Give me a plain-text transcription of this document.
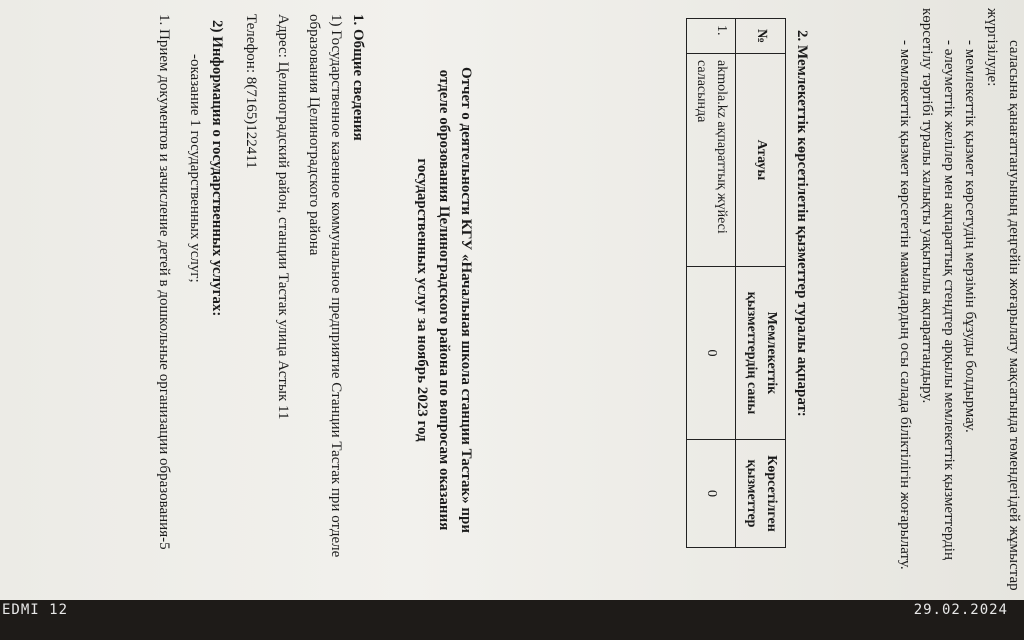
EDMI 12	29.02.2024

саласына қанағаттануының деңгейін жоғарылату мақсатында төмендегідей жұмыстар жүргізілуде:

- мемлекеттік қызмет көрсетудің мерзімін бұзуды болдырмау.

- әлеуметтік желілер мен ақпараттық стендтер арқылы мемлекеттік қызметтердің көрсетілу тәртібі туралы халықты уақытылы ақпараттандыру.

- мемлекеттік қызмет көрсететін мамандардың осы салада біліктілігін жоғарылату.

2. Мемлекеттік көрсетілетін қызметтер туралы ақпарат:

№	Атауы	Мемлекеттік қызметтердің саны	Көрсетілген қызметтер
1.	akmola.kz ақпараттық жүйесі саласында	0	0

Отчет о деятельности КГУ «Начальная школа станции Тастак» при

отделе обрoзования Целиноградского района по вопросам оказания

государственных услуг за ноябрь 2023 год

1. Общие сведения

1) Государственное казенное коммунальное предприятие Станции Тастак при отделе образования Целиноградского района

Адрес: Целиноградский район, станции Тастак улица Астык 11

Телефон: 8(7165)122411

2) Информация о государственных услугах:

-оказание 1 государственных услуг;

1. Прием документов и зачисление детей в дошкольные организации образования-5
